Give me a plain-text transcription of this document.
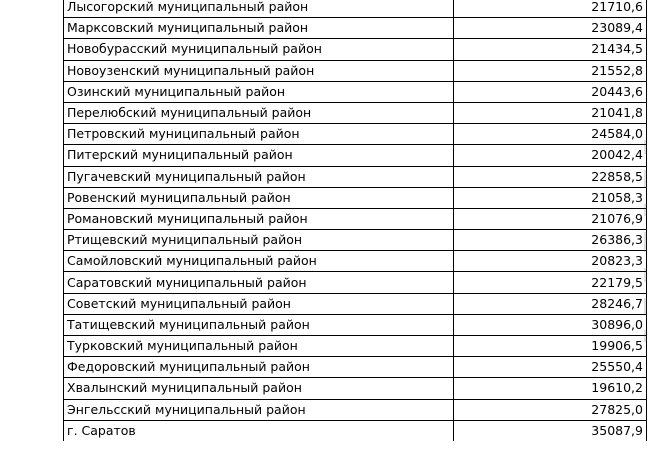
Лысогорский муниципальный район	21710,6
Марксовский муниципальный район	23089,4
Новобурасский муниципальный район	21434,5
Новоузенский муниципальный район	21552,8
Озинский муниципальный район	20443,6
Перелюбский муниципальный район	21041,8
Петровский муниципальный район	24584,0
Питерский муниципальный район	20042,4
Пугачевский муниципальный район	22858,5
Ровенский муниципальный район	21058,3
Романовский муниципальный район	21076,9
Ртищевский муниципальный район	26386,3
Самойловский муниципальный район	20823,3
Саратовский муниципальный район	22179,5
Советский муниципальный район	28246,7
Татищевский муниципальный район	30896,0
Турковский муниципальный район	19906,5
Федоровский муниципальный район	25550,4
Хвалынский муниципальный район	19610,2
Энгельсский муниципальный район	27825,0
г. Саратов	35087,9
